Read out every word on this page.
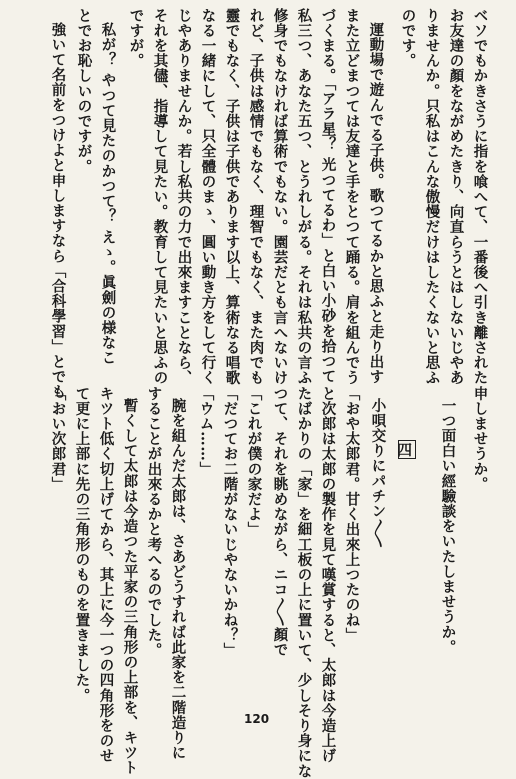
ベソでもかきさうに指を喰へて、一番後へ引き離された
お友達の顏をながめたきり、向直らうとはしないじやあ
りませんか。只私はこんな傲慢だけはしたくないと思ふ
のです。
運動場で遊んでる子供。歌つてるかと思ふと走り出す
また立どまつては友達と手をとつて踊る。肩を組んでう
づくまる。「アラ星？ 光つてるわ」と白い小砂を拾つて
私三つ、あなた五つ、とうれしがる。それは私共の言ふ
修身でもなければ算術でもない。園芸だとも言へないけ
れど、子供は感情でもなく、理智でもなく、また肉でも
靈でもなく、子供は子供であります以上、算術なる唱歌
なる一緒にして、只全體のまゝ、圓い動き方をして行く
じやありませんか。若し私共の力で出來ますことなら、
それを其儘、指導して見たい。教育して見たいと思ふの
ですが。
私が？ やつて見たのかつて？ えゝ。眞劍の様なこ
とでお恥しいのですが。
強いて名前をつけよと申しますなら「合科學習」とでも
申しませうか。
一つ面白い經驗談をいたしませうか。
四
小唄交りにパチン〳〵
「おや太郎君。甘く出來上つたのね」
と次郎は太郎の製作を見て嘆賞すると、太郎は今造上げ
たばかりの「家」を細工板の上に置いて、少しそり身にな
つて、それを眺めながら、ニコ〳〵顏で
「これが僕の家だよ」
「だつてお二階がないじやないかね？」
「ウム……」
腕を組んだ太郎は、さあどうすれば此家を二階造りに
することが出來るかと考へるのでした。
暫くして太郎は今造つた平家の三角形の上部を、キツト
キツト低く切上げてから、其上に今一つの四角形をのせ
て更に上部に先の三角形のものを置きました。
「おい次郎君」
120
